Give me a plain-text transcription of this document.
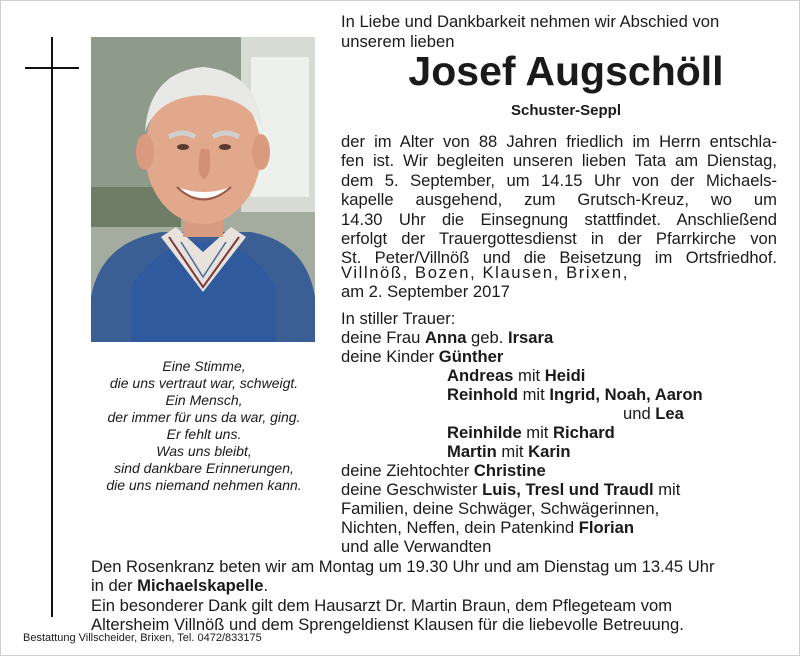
Eine Stimme,
die uns vertraut war, schweigt.
Ein Mensch,
der immer für uns da war, ging.
Er fehlt uns.
Was uns bleibt,
sind dankbare Erinnerungen,
die uns niemand nehmen kann.
In Liebe und Dankbarkeit nehmen wir Abschied von
unserem lieben
Josef Augschöll
Schuster-Seppl
der im Alter von 88 Jahren friedlich im Herrn entschla-
fen ist. Wir begleiten unseren lieben Tata am Dienstag,
dem 5. September, um 14.15 Uhr von der Michaels-
kapelle ausgehend, zum Grutsch-Kreuz, wo um
14.30 Uhr die Einsegnung stattfindet. Anschließend
erfolgt der Trauergottesdienst in der Pfarrkirche von
St. Peter/Villnöß und die Beisetzung im Ortsfriedhof.
Villnöß, Bozen, Klausen, Brixen,
am 2. September 2017
In stiller Trauer:
deine Frau Anna geb. Irsara
deine Kinder Günther
Andreas mit Heidi
Reinhold mit Ingrid, Noah, Aaron
und Lea
Reinhilde mit Richard
Martin mit Karin
deine Ziehtochter Christine
deine Geschwister Luis, Tresl und Traudl mit
Familien, deine Schwäger, Schwägerinnen,
Nichten, Neffen, dein Patenkind Florian
und alle Verwandten
Den Rosenkranz beten wir am Montag um 19.30 Uhr und am Dienstag um 13.45 Uhr
in der Michaelskapelle.
Ein besonderer Dank gilt dem Hausarzt Dr. Martin Braun, dem Pflegeteam vom
Altersheim Villnöß und dem Sprengeldienst Klausen für die liebevolle Betreuung.
Bestattung Villscheider, Brixen, Tel. 0472/833175
